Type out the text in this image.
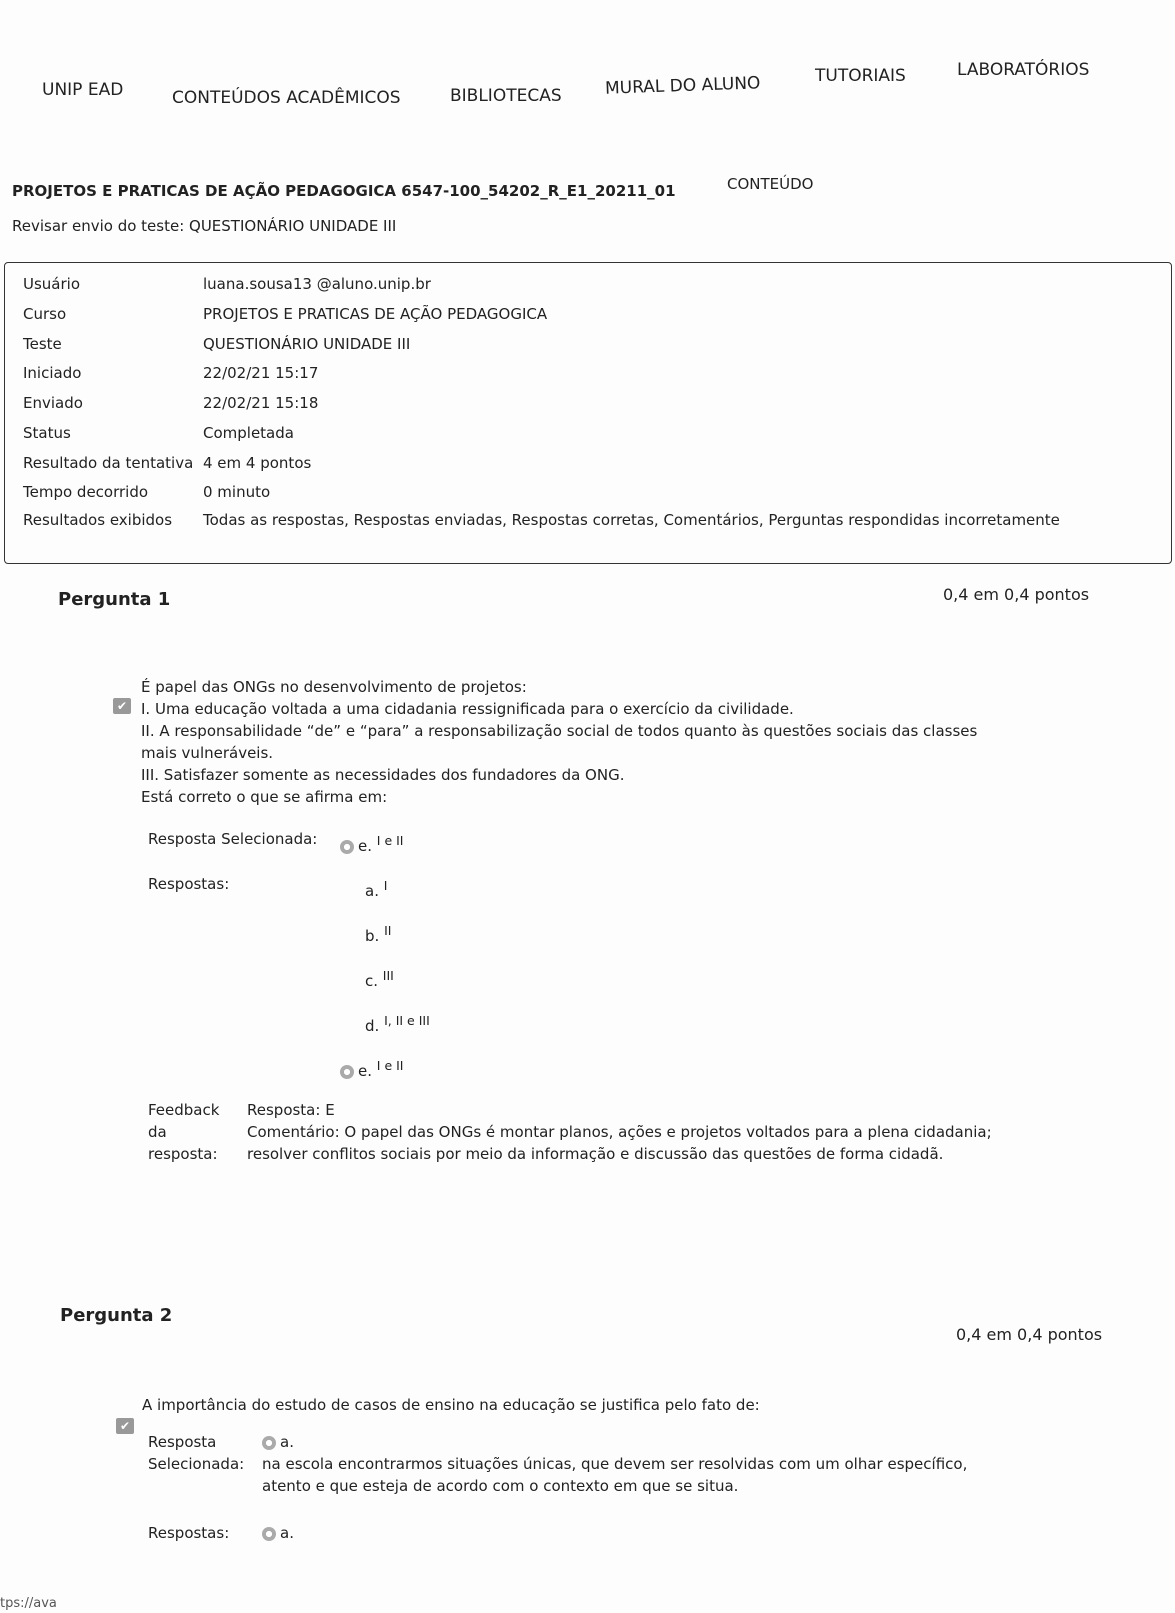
UNIP EAD	CONTEÚDOS ACADÊMICOS	BIBLIOTECAS	MURAL DO ALUNO	TUTORIAIS	LABORATÓRIOS
PROJETOS E PRATICAS DE AÇÃO PEDAGOGICA 6547-100_54202_R_E1_20211_01	CONTEÚDO
Revisar envio do teste: QUESTIONÁRIO UNIDADE III
Usuário	luana.sousa13 @aluno.unip.br
Curso	PROJETOS E PRATICAS DE AÇÃO PEDAGOGICA
Teste	QUESTIONÁRIO UNIDADE III
Iniciado	22/02/21 15:17
Enviado	22/02/21 15:18
Status	Completada
Resultado da tentativa 4 em 4 pontos
Tempo decorrido	0 minuto
Resultados exibidos Todas as respostas, Respostas enviadas, Respostas corretas, Comentários, Perguntas respondidas incorretamente
Pergunta 1	0,4 em 0,4 pontos
✔
É papel das ONGs no desenvolvimento de projetos:
I. Uma educação voltada a uma cidadania ressignificada para o exercício da civilidade.
II. A responsabilidade “de” e “para” a responsabilização social de todos quanto às questões sociais das classes
mais vulneráveis.
III. Satisfazer somente as necessidades dos fundadores da ONG.
Está correto o que se afirma em:
Resposta Selecionada:	e. $^{I e II}$
Respostas:	a. $^I$
b. $^{II}$
c. $^{III}$
d. $^{I, II e III}$
e. $^{I e II}$
Feedback
da
resposta:
Resposta: E
Comentário: O papel das ONGs é montar planos, ações e projetos voltados para a plena cidadania;
resolver conflitos sociais por meio da informação e discussão das questões de forma cidadã.
Pergunta 2
0,4 em 0,4 pontos
✔
A importância do estudo de casos de ensino na educação se justifica pelo fato de:
Resposta
Selecionada:
a.
na escola encontrarmos situações únicas, que devem ser resolvidas com um olhar específico,
atento e que esteja de acordo com o contexto em que se situa.
Respostas:	a.
tps://ava
